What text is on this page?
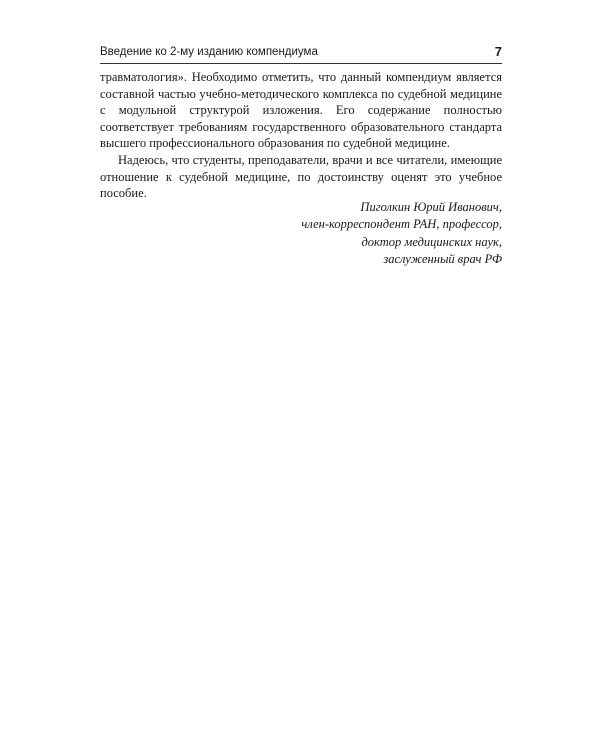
Введение ко 2-му изданию компендиума	7

травматология». Необходимо отметить, что данный компендиум является составной частью учебно-методического комплекса по судебной медицине с модульной структурой изложения. Его содержание полностью соответствует требованиям государственного образовательного стандарта высшего профессионального образования по судебной медицине.

Надеюсь, что студенты, преподаватели, врачи и все читатели, имеющие отношение к судебной медицине, по достоинству оценят это учебное пособие.

Пиголкин Юрий Иванович,
член-корреспондент РАН, профессор,
доктор медицинских наук,
заслуженный врач РФ
